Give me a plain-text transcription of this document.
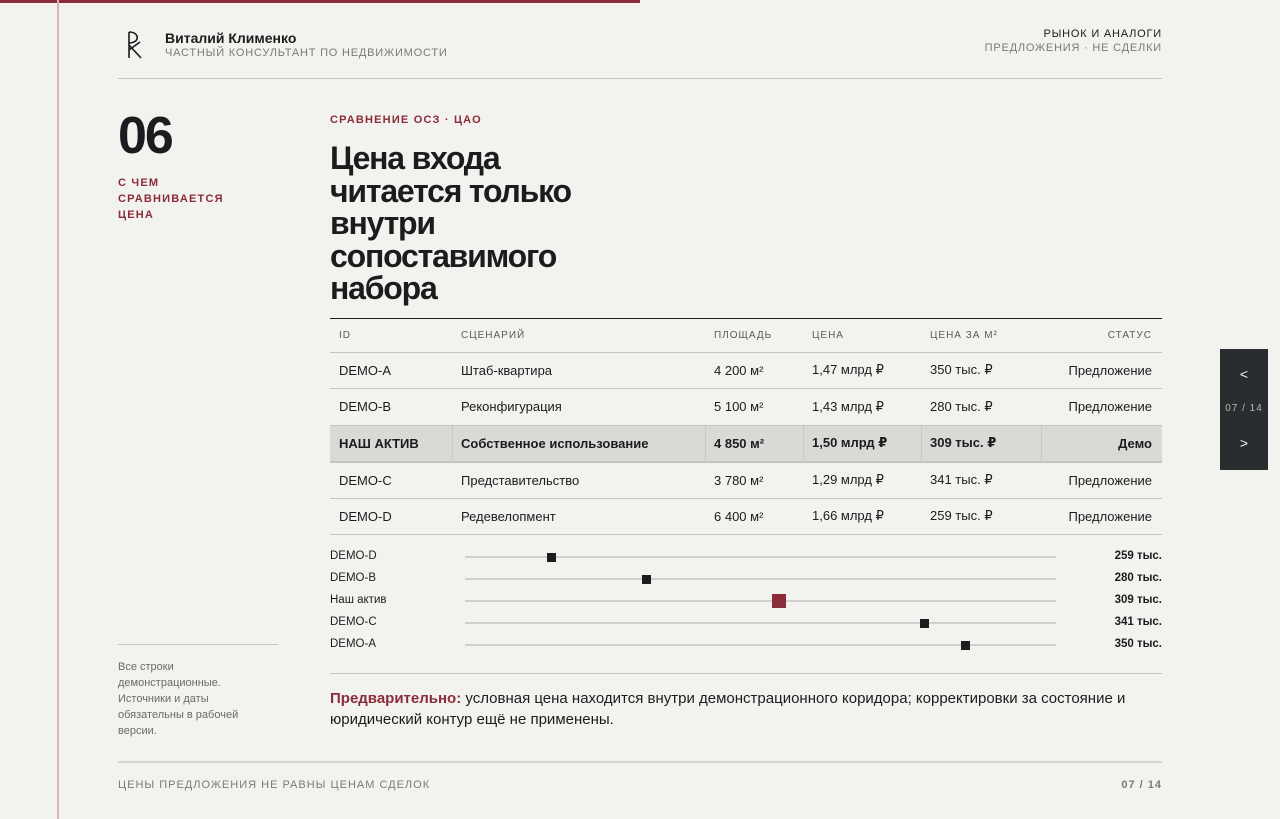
Виталий Клименко
ЧАСТНЫЙ КОНСУЛЬТАНТ ПО НЕДВИЖИМОСТИ
РЫНОК И АНАЛОГИ
ПРЕДЛОЖЕНИЯ · НЕ СДЕЛКИ
06
С ЧЕМ СРАВНИВАЕТСЯ ЦЕНА
Все строки демонстрационные. Источники и даты обязательны в рабочей версии.
СРАВНЕНИЕ ОСЗ · ЦАО
Цена входа читается только внутри сопоставимого набора
ID	СЦЕНАРИЙ	ПЛОЩАДЬ	ЦЕНА	ЦЕНА ЗА М²	СТАТУС
DEMO-A	Штаб-квартира	4 200 м²	1,47 млрд ₽	350 тыс. ₽	Предложение
DEMO-B	Реконфигурация	5 100 м²	1,43 млрд ₽	280 тыс. ₽	Предложение
НАШ АКТИВ	Собственное использование	4 850 м²	1,50 млрд ₽	309 тыс. ₽	Демо
DEMO-C	Представительство	3 780 м²	1,29 млрд ₽	341 тыс. ₽	Предложение
DEMO-D	Редевелопмент	6 400 м²	1,66 млрд ₽	259 тыс. ₽	Предложение
DEMO-D	259 тыс.
DEMO-B	280 тыс.
Наш актив	309 тыс.
DEMO-C	341 тыс.
DEMO-A	350 тыс.
Предварительно: условная цена находится внутри демонстрационного коридора; корректировки за состояние и юридический контур ещё не применены.
ЦЕНЫ ПРЕДЛОЖЕНИЯ НЕ РАВНЫ ЦЕНАМ СДЕЛОК	07 / 14
<
07 / 14
>
